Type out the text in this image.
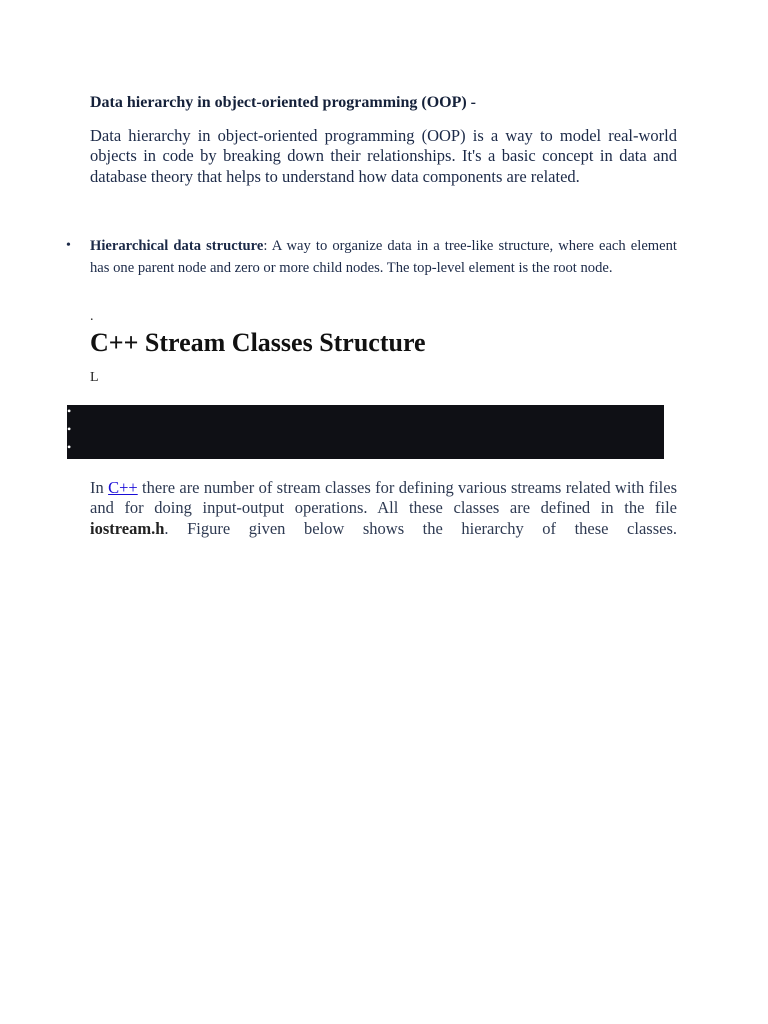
Data hierarchy in object-oriented programming (OOP) -
Data hierarchy in object-oriented programming (OOP) is a way to model real-world objects in code by breaking down their relationships. It's a basic concept in data and database theory that helps to understand how data components are related.
• Hierarchical data structure: A way to organize data in a tree-like structure, where each element has one parent node and zero or more child nodes. The top-level element is the root node.
.
C++ Stream Classes Structure
L
•
•
•
In C++ there are number of stream classes for defining various streams related with files and for doing input-output operations. All these classes are defined in the file iostream.h. Figure given below shows the hierarchy of these classes.
